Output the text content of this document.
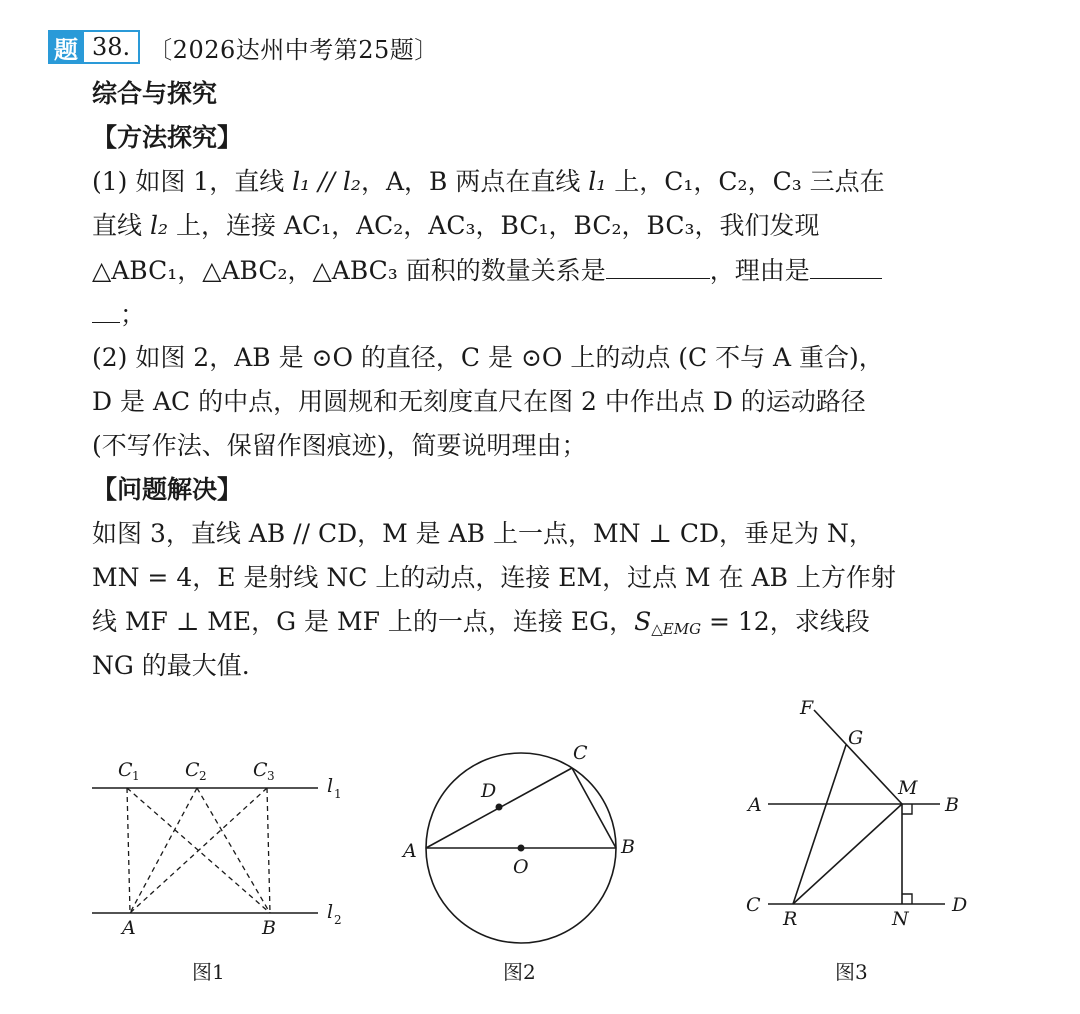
题 38. 〔2026达州中考第25题〕
综合与探究
【方法探究】
(1) 如图 1，直线 l₁ // l₂，A，B 两点在直线 l₁ 上，C₁，C₂，C₃ 三点在
直线 l₂ 上，连接 AC₁，AC₂，AC₃，BC₁，BC₂，BC₃，我们发现
△ABC₁，△ABC₂，△ABC₃ 面积的数量关系是	，理由是
；
(2) 如图 2，AB 是 ⊙O 的直径，C 是 ⊙O 上的动点 (C 不与 A 重合)，
D 是 AC 的中点，用圆规和无刻度直尺在图 2 中作出点 D 的运动路径
(不写作法、保留作图痕迹)，简要说明理由；
【问题解决】
如图 3，直线 AB // CD，M 是 AB 上一点，MN ⊥ CD，垂足为 N，
MN = 4，E 是射线 NC 上的动点，连接 EM，过点 M 在 AB 上方作射
线 MF ⊥ ME，G 是 MF 上的一点，连接 EG，$S_{\triangle EMG} = 12$，求线段
NG 的最大值.
C 1 C 2 C 3	l 1
l 2
A	B
图1
A	B
C
D
O
图2
F
G
M
A	B
C	D
R	N
图3
